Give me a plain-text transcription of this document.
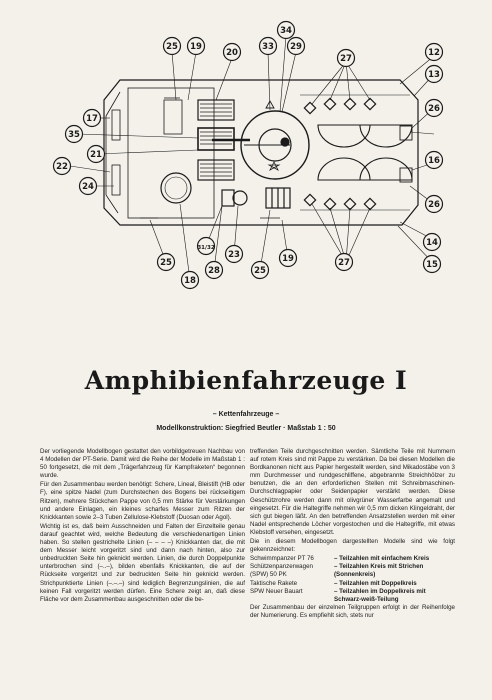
25 19
20
33
34
29
27
12
13
17
26
35
21
22
16
24
26
14
25
18
31/32
28
23
25
19	27	15
Amphibienfahrzeuge I
– Kettenfahrzeuge –
Modellkonstruktion: Siegfried Beutler · Maßstab 1 : 50

Der vorliegende Modellbogen gestattet den vorbildgetreuen Nachbau von 4 Modellen der PT-Serie. Damit wird die Reihe der Modelle im Maßstab 1 : 50 fortgesetzt, die mit dem „Trägerfahrzeug für Kampfraketen“ begonnen wurde.

Für den Zusammenbau werden benötigt: Schere, Lineal, Bleistift (HB oder F), eine spitze Nadel (zum Durchstechen des Bogens bei rückseitigem Ritzen), mehrere Stückchen Pappe von 0,5 mm Stärke für Verstärkungen und andere Einlagen, ein kleines scharfes Messer zum Ritzen der Knickkanten sowie 2–3 Tuben Zellulose-Klebstoff (Duosan oder Agol).

Wichtig ist es, daß beim Ausschneiden und Falten der Einzelteile genau darauf geachtet wird, welche Bedeutung die verschiedenartigen Linien haben. So stellen gestrichelte Linien (– – – –) Knickkanten dar, die mit dem Messer leicht vorgeritzt sind und dann nach hinten, also zur unbedruckten Seite hin geknickt werden. Linien, die durch Doppelpunkte unterbrochen sind (–..–), bilden ebenfalls Knickkanten, die auf der Rückseite vorgeritzt und zur bedruckten Seite hin geknickt werden. Strichpunktierte Linien (–.–.–) sind lediglich Begrenzungslinien, die auf keinen Fall vorgeritzt werden dürfen. Eine Schere zeigt an, daß diese Fläche vor dem Zusammenbau ausgeschnitten oder die be-

treffenden Teile durchgeschnitten werden. Sämtliche Teile mit Nummern auf rotem Kreis sind mit Pappe zu verstärken. Da bei diesen Modellen die Bordkanonen nicht aus Papier hergestellt werden, sind Mikadostäbe von 3 mm Durchmesser und rundgeschliffene, abgebrannte Streichhölzer zu benutzen, die an den erforderlichen Stellen mit Schreibmaschinen-Durchschlagpapier oder Seidenpapier verstärkt werden. Diese Geschützrohre werden dann mit olivgrüner Wasserfarbe angemalt und eingesetzt. Für die Haltegriffe nehmen wir 0,5 mm dicken Klingeldraht, der sich gut biegen läßt. An den betreffenden Ansatzstellen werden mit einer Nadel entsprechende Löcher vorgestochen und die Haltegriffe, mit etwas Klebstoff versehen, eingesetzt.

Die in diesem Modellbogen dargestellten Modelle sind wie folgt gekennzeichnet:

Schwimmpanzer PT 76	– Teilzahlen mit einfachem Kreis
Schützenpanzerwagen	– Teilzahlen Kreis mit Strichen
(SPW) 50 PK	(Sonnenkreis)
Taktische Rakete	– Teilzahlen mit Doppelkreis
SPW Neuer Bauart	– Teilzahlen im Doppelkreis mit
Schwarz-weiß-Teilung

Der Zusammenbau der einzelnen Teilgruppen erfolgt in der Reihenfolge der Numerierung. Es empfiehlt sich, stets nur
